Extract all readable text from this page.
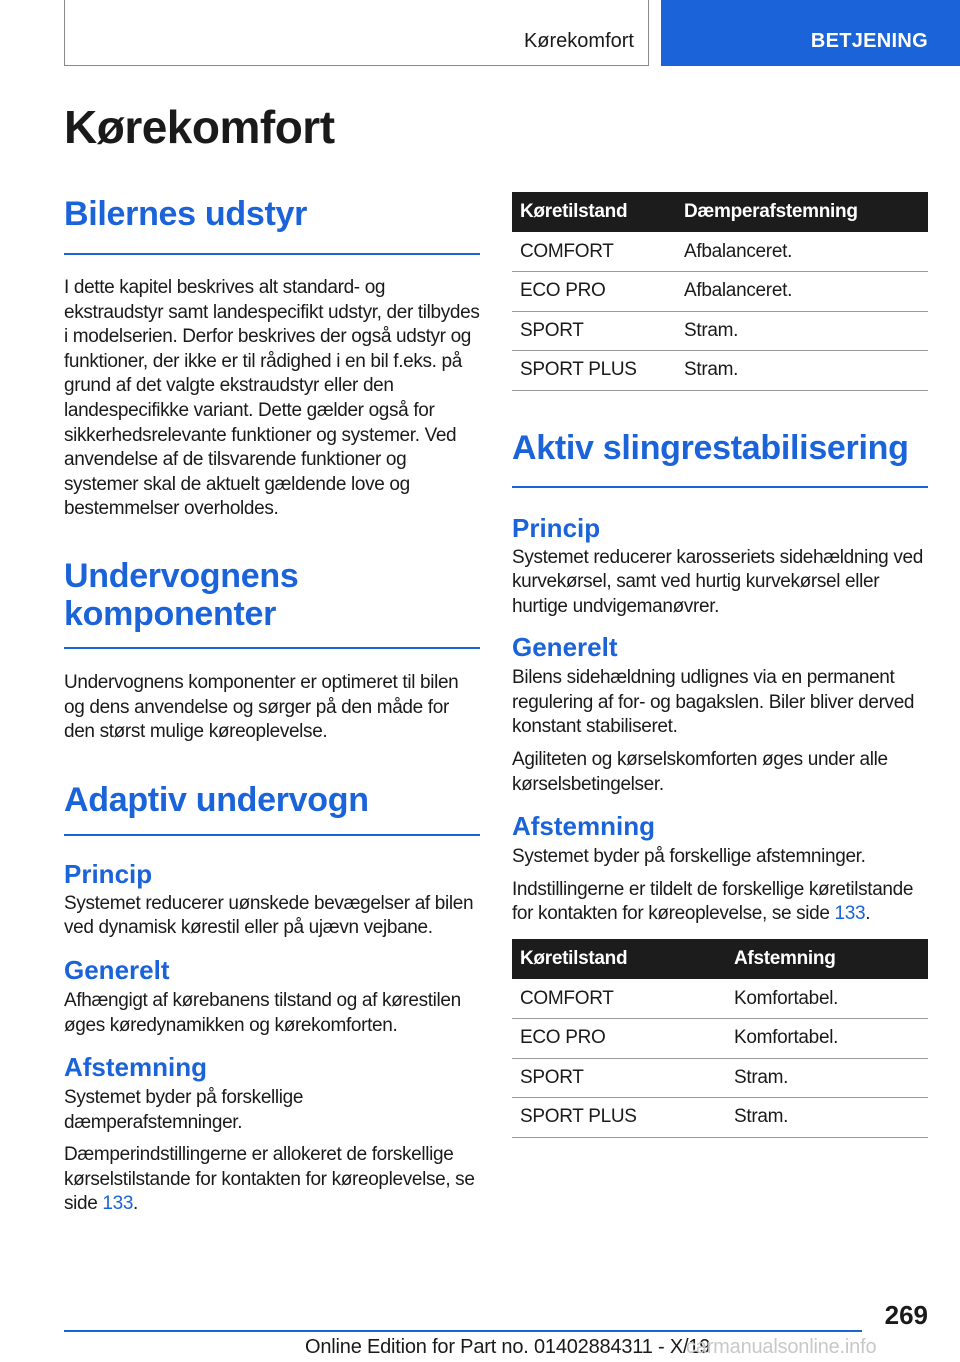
Kørekomfort	BETJENING
Kørekomfort
Bilernes udstyr

I dette kapitel beskrives alt standard- og ekstraudstyr samt landespecifikt udstyr, der tilbydes i modelserien. Derfor beskrives der også udstyr og funktioner, der ikke er til rådighed i en bil f.eks. på grund af det valgte ekstraudstyr eller den landespecifikke variant. Dette gælder også for sikkerhedsrelevante funktioner og systemer. Ved anvendelse af de tilsvarende funktioner og systemer skal de aktuelt gældende love og bestemmelser overholdes.

Undervognens komponenter

Undervognens komponenter er optimeret til bilen og dens anvendelse og sørger på den måde for den størst mulige køreoplevelse.

Adaptiv undervogn
Princip

Systemet reducerer uønskede bevægelser af bilen ved dynamisk kørestil eller på ujævn vejbane.

Generelt

Afhængigt af kørebanens tilstand og af kørestilen øges køredynamikken og kørekomforten.

Afstemning

Systemet byder på forskellige dæmperafstemninger.

Dæmperindstillingerne er allokeret de forskellige kørselstilstande for kontakten for køreoplevelse, se side 133.

Køretilstand	Dæmperafstemning
COMFORT	Afbalanceret.
ECO PRO	Afbalanceret.
SPORT	Stram.
SPORT PLUS	Stram.
Aktiv slingrestabilisering
Princip

Systemet reducerer karosseriets sidehældning ved kurvekørsel, samt ved hurtig kurvekørsel eller hurtige undvigemanøvrer.

Generelt

Bilens sidehældning udlignes via en permanent regulering af for- og bagakslen. Biler bliver derved konstant stabiliseret.

Agiliteten og kørselskomforten øges under alle kørselsbetingelser.

Afstemning

Systemet byder på forskellige afstemninger.

Indstillingerne er tildelt de forskellige køretilstande for kontakten for køreoplevelse, se side 133.

Køretilstand	Afstemning
COMFORT	Komfortabel.
ECO PRO	Komfortabel.
SPORT	Stram.
SPORT PLUS	Stram.
269
Online Edition for Part no. 01402884311 - X/19
carmanualsonline.info
